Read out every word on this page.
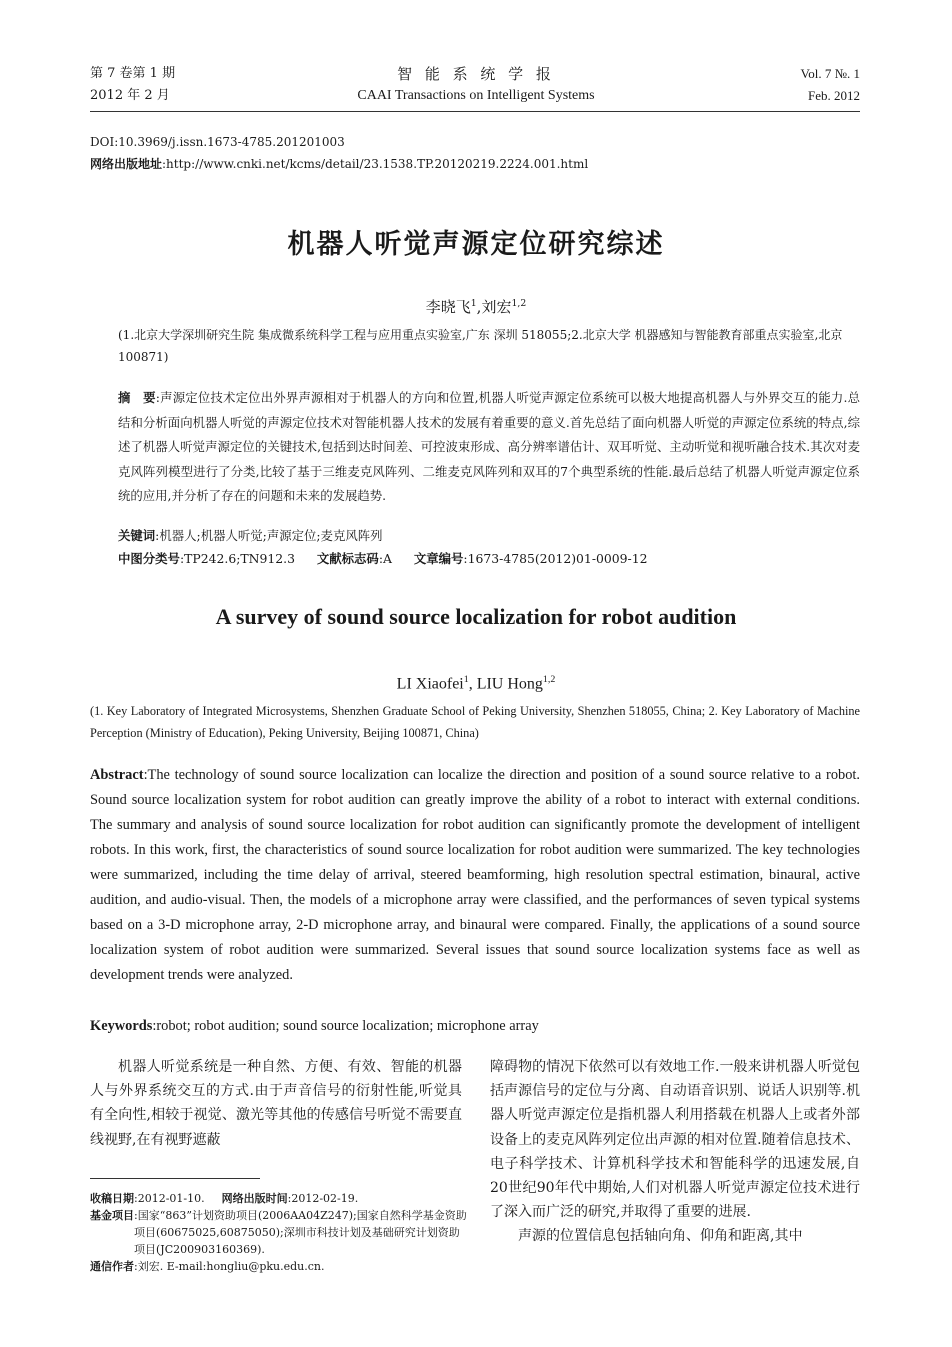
第 7 卷第 1 期
2012 年 2 月
智 能 系 统 学 报
CAAI Transactions on Intelligent Systems
Vol. 7 №. 1
Feb. 2012
DOI:10.3969/j.issn.1673-4785.201201003
网络出版地址:http://www.cnki.net/kcms/detail/23.1538.TP.20120219.2224.001.html
机器人听觉声源定位研究综述
李晓飞$^1$,刘宏$^{1,2}$
(1.北京大学深圳研究生院 集成微系统科学工程与应用重点实验室,广东 深圳 518055;2.北京大学 机器感知与智能教育部重点实验室,北京 100871)
摘　要:声源定位技术定位出外界声源相对于机器人的方向和位置,机器人听觉声源定位系统可以极大地提高机器人与外界交互的能力.总结和分析面向机器人听觉的声源定位技术对智能机器人技术的发展有着重要的意义.首先总结了面向机器人听觉的声源定位系统的特点,综述了机器人听觉声源定位的关键技术,包括到达时间差、可控波束形成、高分辨率谱估计、双耳听觉、主动听觉和视听融合技术.其次对麦克风阵列模型进行了分类,比较了基于三维麦克风阵列、二维麦克风阵列和双耳的7个典型系统的性能.最后总结了机器人听觉声源定位系统的应用,并分析了存在的问题和未来的发展趋势.
关键词:机器人;机器人听觉;声源定位;麦克风阵列
中图分类号:TP242.6;TN912.3 文献标志码:A 文章编号:1673-4785(2012)01-0009-12
A survey of sound source localization for robot audition
LI Xiaofei$^1$, LIU Hong$^{1,2}$
(1. Key Laboratory of Integrated Microsystems, Shenzhen Graduate School of Peking University, Shenzhen 518055, China; 2. Key Laboratory of Machine Perception (Ministry of Education), Peking University, Beijing 100871, China)
Abstract:The technology of sound source localization can localize the direction and position of a sound source relative to a robot. Sound source localization system for robot audition can greatly improve the ability of a robot to interact with external conditions. The summary and analysis of sound source localization for robot audition can significantly promote the development of intelligent robots. In this work, first, the characteristics of sound source localization for robot audition were summarized. The key technologies were summarized, including the time delay of arrival, steered beamforming, high resolution spectral estimation, binaural, active audition, and audio-visual. Then, the models of a microphone array were classified, and the performances of seven typical systems based on a 3-D microphone array, 2-D microphone array, and binaural were compared. Finally, the applications of a sound source localization system of robot audition were summarized. Several issues that sound source localization systems face as well as development trends were analyzed.
Keywords:robot; robot audition; sound source localization; microphone array

机器人听觉系统是一种自然、方便、有效、智能的机器人与外界系统交互的方式.由于声音信号的衍射性能,听觉具有全向性,相较于视觉、激光等其他的传感信号听觉不需要直线视野,在有视野遮蔽

障碍物的情况下依然可以有效地工作.一般来讲机器人听觉包括声源信号的定位与分离、自动语音识别、说话人识别等.机器人听觉声源定位是指机器人利用搭载在机器人上或者外部设备上的麦克风阵列定位出声源的相对位置.随着信息技术、电子科学技术、计算机科学技术和智能科学的迅速发展,自20世纪90年代中期始,人们对机器人听觉声源定位技术进行了深入而广泛的研究,并取得了重要的进展.

声源的位置信息包括轴向角、仰角和距离,其中

收稿日期:2012-01-10. 网络出版时间:2012-02-19.
基金项目 :国家“863”计划资助项目(2006AA04Z247);国家自然科学基金资助项目(60675025,60875050);深圳市科技计划及基础研究计划资助项目(JC200903160369).
通信作者:刘宏. E-mail:hongliu@pku.edu.cn.
